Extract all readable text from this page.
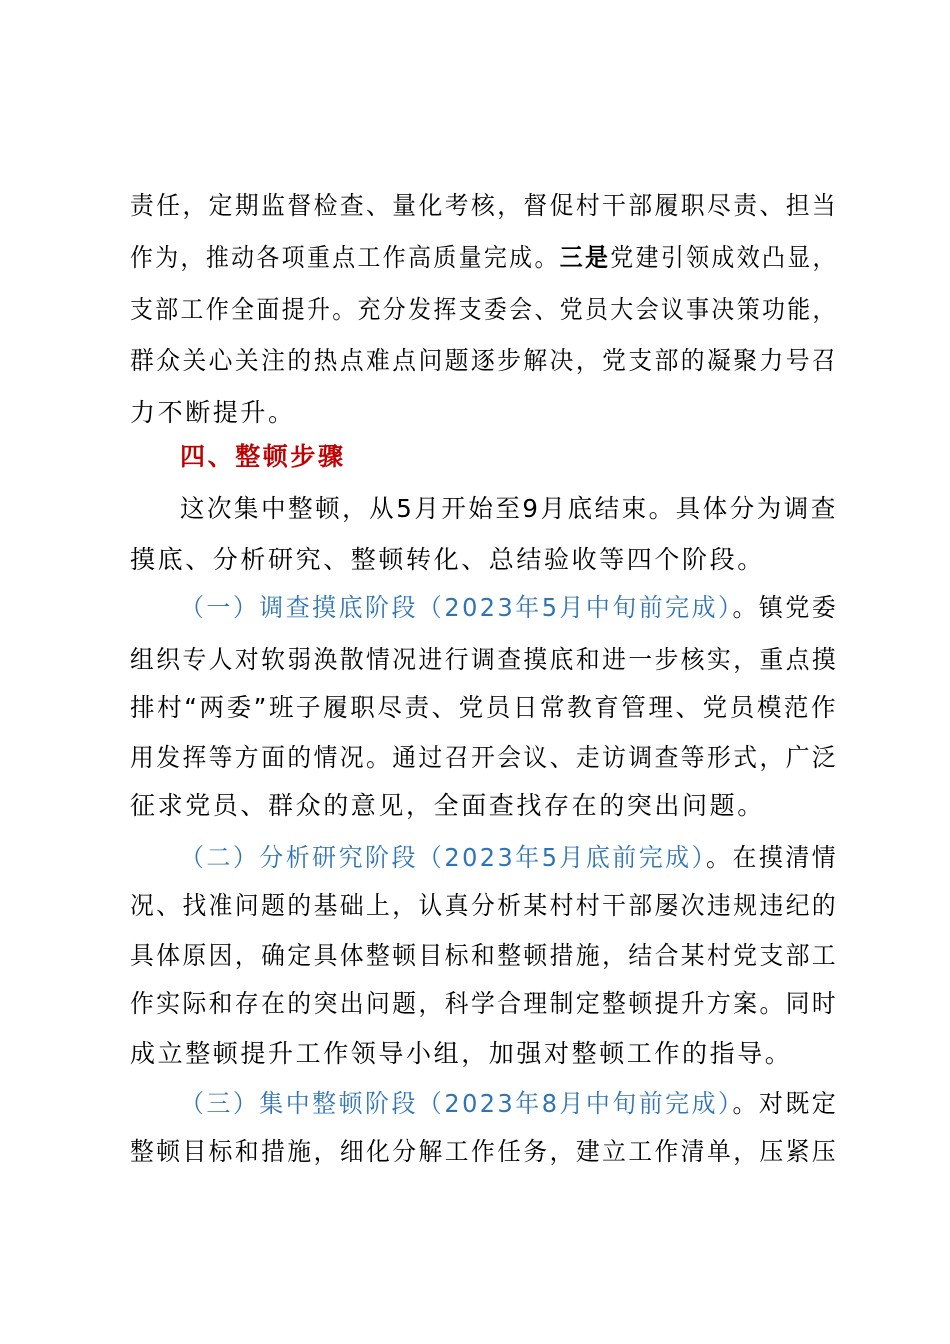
责任，定期监督检查、量化考核，督促村干部履职尽责、担当
作为，推动各项重点工作高质量完成。三是党建引领成效凸显，
支部工作全面提升。充分发挥支委会、党员大会议事决策功能，
群众关心关注的热点难点问题逐步解决，党支部的凝聚力号召
力不断提升。
四、整顿步骤
这次集中整顿，从5月开始至9月底结束。具体分为调查
摸底、分析研究、整顿转化、总结验收等四个阶段。
（一）调查摸底阶段（2023年5月中旬前完成）。镇党委
组织专人对软弱涣散情况进行调查摸底和进一步核实，重点摸
排村“两委”班子履职尽责、党员日常教育管理、党员模范作
用发挥等方面的情况。通过召开会议、走访调查等形式，广泛
征求党员、群众的意见，全面查找存在的突出问题。
（二）分析研究阶段（2023年5月底前完成）。在摸清情
况、找准问题的基础上，认真分析某村村干部屡次违规违纪的
具体原因，确定具体整顿目标和整顿措施，结合某村党支部工
作实际和存在的突出问题，科学合理制定整顿提升方案。同时
成立整顿提升工作领导小组，加强对整顿工作的指导。
（三）集中整顿阶段（2023年8月中旬前完成）。对既定
整顿目标和措施，细化分解工作任务，建立工作清单，压紧压
